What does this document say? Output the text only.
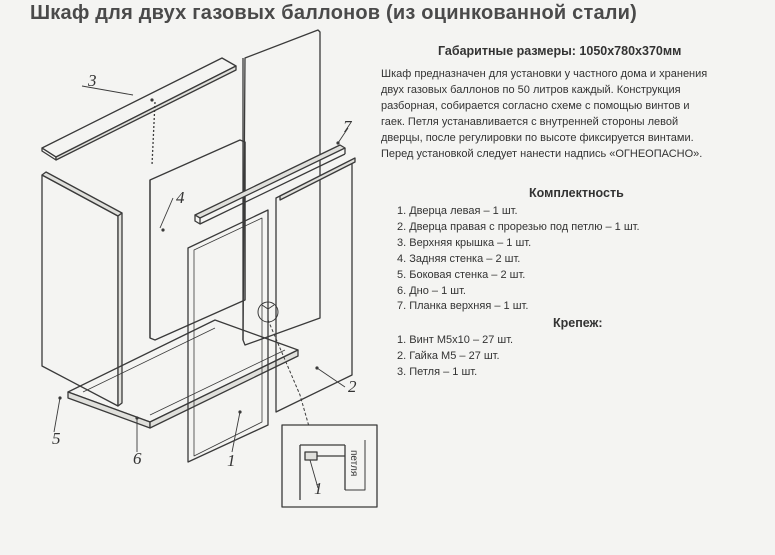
Шкаф для двух газовых баллонов (из оцинкованной стали)
3
4
7
5
6	1
2
1
петля
Габаритные размеры: 1050х780х370мм

Шкаф предназначен для установки у частного дома и хранения

двух газовых баллонов по 50 литров каждый. Конструкция

разборная, собирается согласно схеме с помощью винтов и

гаек. Петля устанавливается с внутренней стороны левой

дверцы, после регулировки по высоте фиксируется винтами.

Перед установкой следует нанести надпись «ОГНЕОПАСНО».

Комплектность
1. Дверца левая – 1 шт.
2. Дверца правая с прорезью под петлю – 1 шт.
3. Верхняя крышка – 1 шт.
4. Задняя стенка – 2 шт.
5. Боковая стенка – 2 шт.
6. Дно – 1 шт.
7. Планка верхняя – 1 шт.
Крепеж:
1. Винт М5х10 – 27 шт.
2. Гайка М5 – 27 шт.
3. Петля – 1 шт.
